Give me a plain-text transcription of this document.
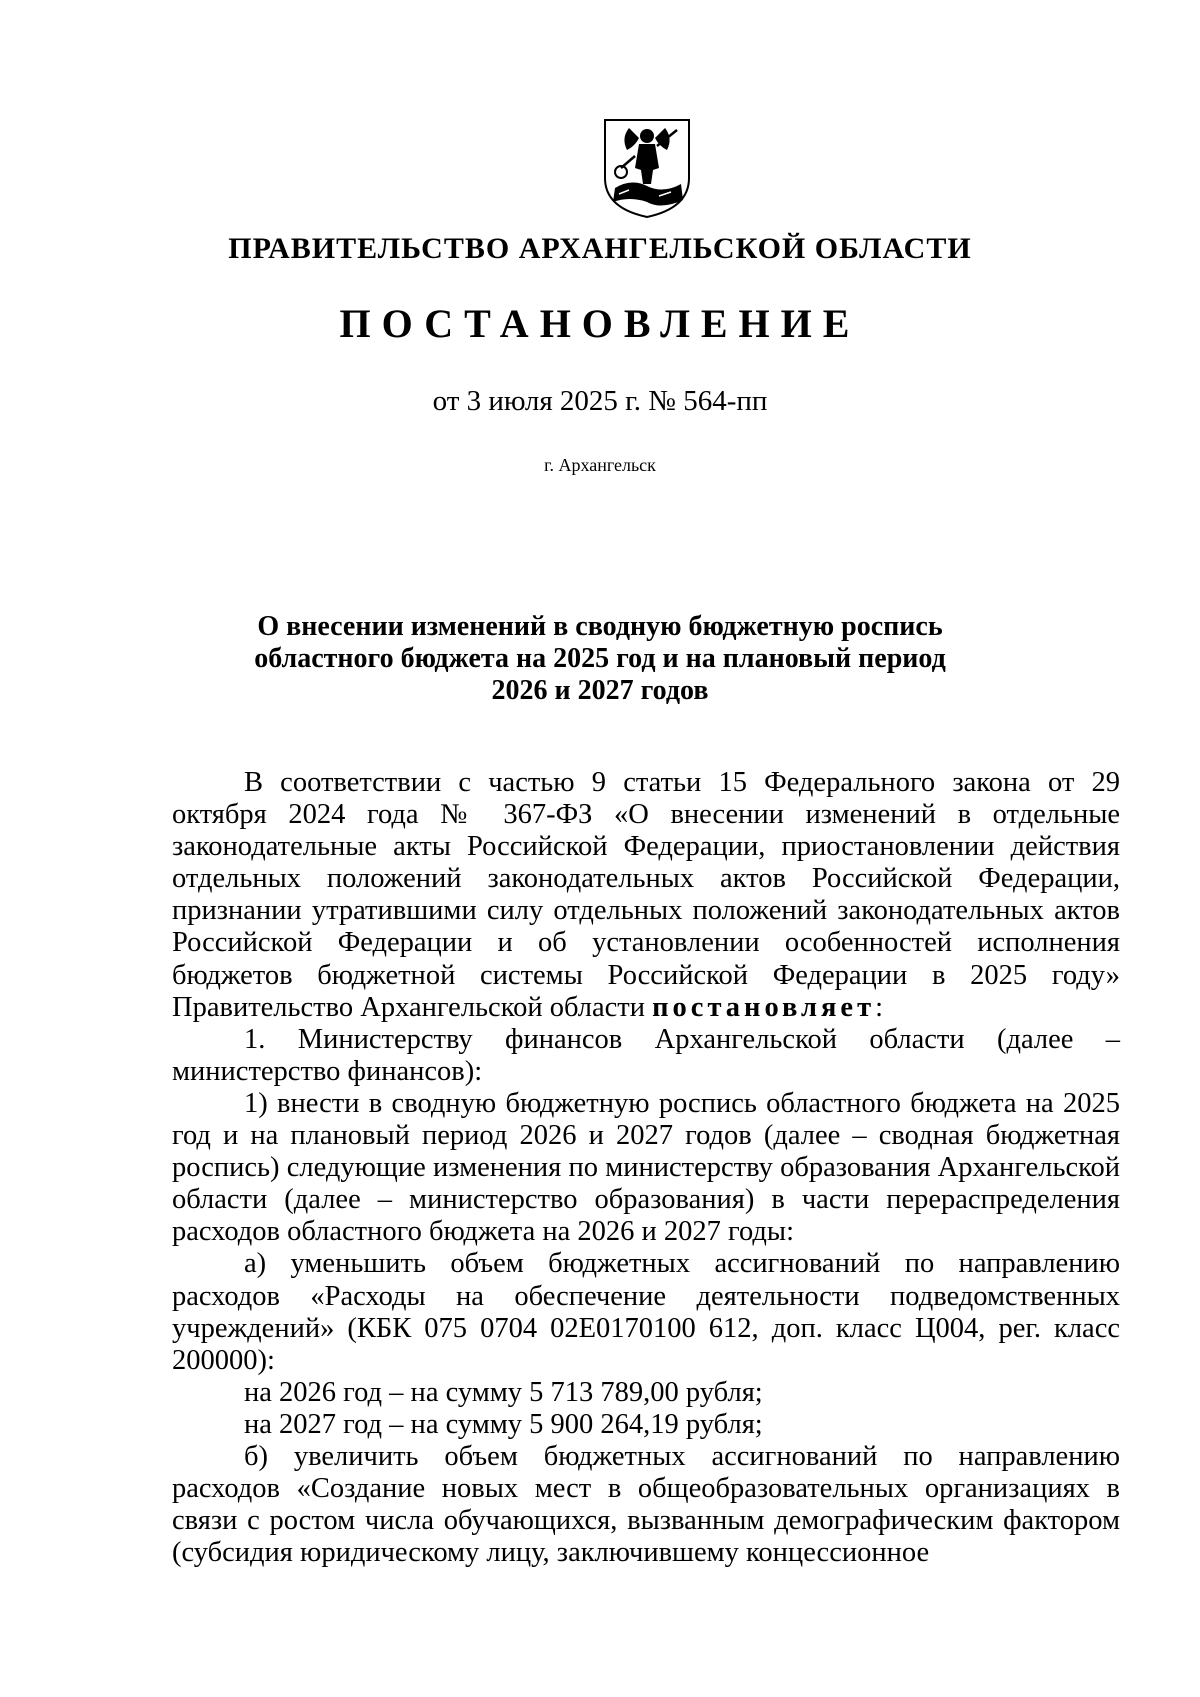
ПРАВИТЕЛЬСТВО АРХАНГЕЛЬСКОЙ ОБЛАСТИ
ПОСТАНОВЛЕНИЕ
от 3 июля 2025 г. № 564-пп
г. Архангельск
О внесении изменений в сводную бюджетную роспись
областного бюджета на 2025 год и на плановый период
2026 и 2027 годов

В соответствии с частью 9 статьи 15 Федерального закона от 29 октября 2024 года № 367-ФЗ «О внесении изменений в отдельные законодательные акты Российской Федерации, приостановлении действия отдельных положений законодательных актов Российской Федерации, признании утратившими силу отдельных положений законодательных актов Российской Федерации и об установлении особенностей исполнения бюджетов бюджетной системы Российской Федерации в 2025 году» Правительство Архангельской области постановляет:

1. Министерству финансов Архангельской области (далее – министерство финансов):

1) внести в сводную бюджетную роспись областного бюджета на 2025 год и на плановый период 2026 и 2027 годов (далее – сводная бюджетная роспись) следующие изменения по министерству образования Архангельской области (далее – министерство образования) в части перераспределения расходов областного бюджета на 2026 и 2027 годы:

а) уменьшить объем бюджетных ассигнований по направлению расходов «Расходы на обеспечение деятельности подведомственных учреждений» (КБК 075 0704 02Е0170100 612, доп. класс Ц004, рег. класс 200000):

на 2026 год – на сумму 5 713 789,00 рубля;

на 2027 год – на сумму 5 900 264,19 рубля;

б) увеличить объем бюджетных ассигнований по направлению расходов «Создание новых мест в общеобразовательных организациях в связи с ростом числа обучающихся, вызванным демографическим фактором (субсидия юридическому лицу, заключившему концессионное
